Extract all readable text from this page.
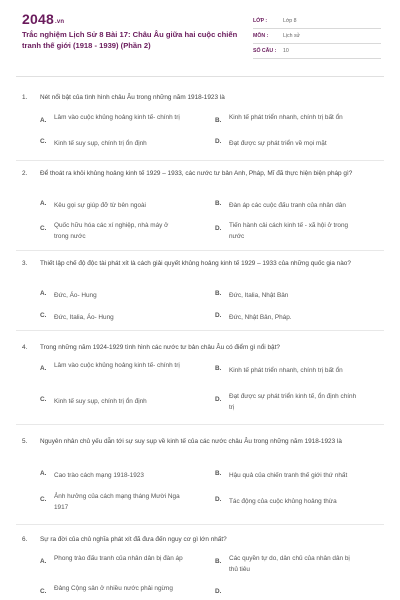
2048.vn
Trắc nghiệm Lịch Sử 8 Bài 17: Châu Âu giữa hai cuộc chiến tranh thế giới (1918 - 1939) (Phần 2)
LỚP :	Lớp 8
MÔN :	Lịch sử
SỐ CÂU :	10
1. Nét nổi bật của tình hình châu Âu trong những năm 1918-1923 là
A. Lâm vào cuộc khủng hoảng kinh tế- chính trị	B. Kinh tế phát triển nhanh, chính trị bất ổn
C. Kinh tế suy sụp, chính trị ổn định	D. Đạt được sự phát triển về mọi mặt
2. Để thoát ra khỏi khủng hoảng kinh tế 1929 – 1933, các nước tư bản Anh, Pháp, Mĩ đã thực hiện biện pháp gì?
A. Kêu gọi sự giúp đỡ từ bên ngoài	B. Đàn áp các cuộc đấu tranh của nhân dân
C. Quốc hữu hóa các xí nghiệp, nhà máy ở trong nước
D. Tiến hành cải cách kinh tế - xã hội ở trong nước
3. Thiết lập chế độ độc tài phát xít là cách giải quyết khủng hoảng kinh tế 1929 – 1933 của những quốc gia nào?
A. Đức, Áo- Hung	B. Đức, Italia, Nhật Bản
C. Đức, Italia, Áo- Hung	D. Đức, Nhật Bản, Pháp.
4. Trong những năm 1924-1929 tình hình các nước tư bản châu Âu có điểm gì nổi bật?
A. Lâm vào cuộc khủng hoảng kinh tế- chính trị	B. Kinh tế phát triển nhanh, chính trị bất ổn
C. Kinh tế suy sụp, chính trị ổn định	D. Đạt được sự phát triển kinh tế, ổn định chính trị
5. Nguyên nhân chủ yếu dẫn tới sự suy sụp về kinh tế của các nước châu Âu trong những năm 1918-1923 là
A. Cao trào cách mạng 1918-1923	B. Hậu quả của chiến tranh thế giới thứ nhất
C. Ảnh hưởng của cách mạng tháng Mười Nga 1917
D. Tác động của cuộc khủng hoảng thừa
6. Sự ra đời của chủ nghĩa phát xít đã đưa đến nguy cơ gì lớn nhất?
A. Phong trào đấu tranh của nhân dân bị đàn áp	B. Các quyền tự do, dân chủ của nhân dân bị thủ tiêu
C. Đảng Cộng sản ở nhiều nước phải ngừng	D.
